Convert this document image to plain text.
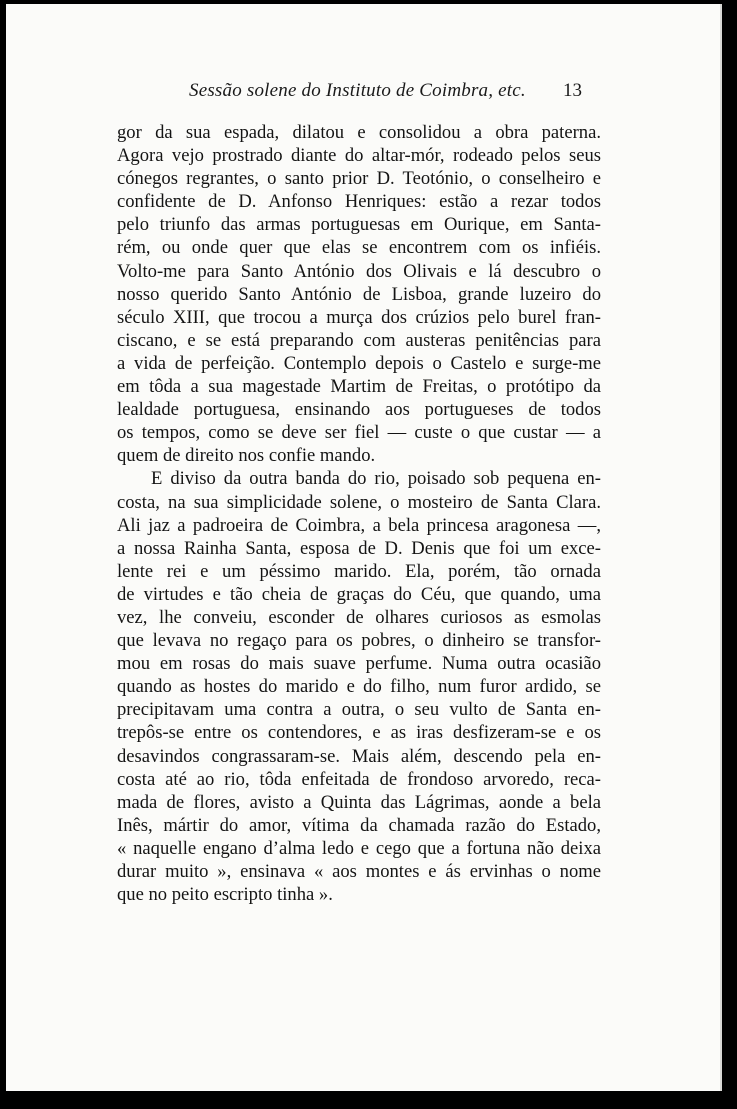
Sessão solene do Instituto de Coimbra, etc. 13
gor da sua espada, dilatou e consolidou a obra paterna.
Agora vejo prostrado diante do altar-mór, rodeado pelos seus
cónegos regrantes, o santo prior D. Teotónio, o conselheiro e
confidente de D. Anfonso Henriques: estão a rezar todos
pelo triunfo das armas portuguesas em Ourique, em Santa-
rém, ou onde quer que elas se encontrem com os infiéis.
Volto-me para Santo António dos Olivais e lá descubro o
nosso querido Santo António de Lisboa, grande luzeiro do
século XIII, que trocou a murça dos crúzios pelo burel fran-
ciscano, e se está preparando com austeras penitências para
a vida de perfeição. Contemplo depois o Castelo e surge-me
em tôda a sua magestade Martim de Freitas, o protótipo da
lealdade portuguesa, ensinando aos portugueses de todos
os tempos, como se deve ser fiel — custe o que custar — a
quem de direito nos confie mando.
E diviso da outra banda do rio, poisado sob pequena en-
costa, na sua simplicidade solene, o mosteiro de Santa Clara.
Ali jaz a padroeira de Coimbra, a bela princesa aragonesa —,
a nossa Rainha Santa, esposa de D. Denis que foi um exce-
lente rei e um péssimo marido. Ela, porém, tão ornada
de virtudes e tão cheia de graças do Céu, que quando, uma
vez, lhe conveiu, esconder de olhares curiosos as esmolas
que levava no regaço para os pobres, o dinheiro se transfor-
mou em rosas do mais suave perfume. Numa outra ocasião
quando as hostes do marido e do filho, num furor ardido, se
precipitavam uma contra a outra, o seu vulto de Santa en-
trepôs-se entre os contendores, e as iras desfizeram-se e os
desavindos congrassaram-se. Mais além, descendo pela en-
costa até ao rio, tôda enfeitada de frondoso arvoredo, reca-
mada de flores, avisto a Quinta das Lágrimas, aonde a bela
Inês, mártir do amor, vítima da chamada razão do Estado,
« naquelle engano d’alma ledo e cego que a fortuna não deixa
durar muito », ensinava « aos montes e ás ervinhas o nome
que no peito escripto tinha ».
